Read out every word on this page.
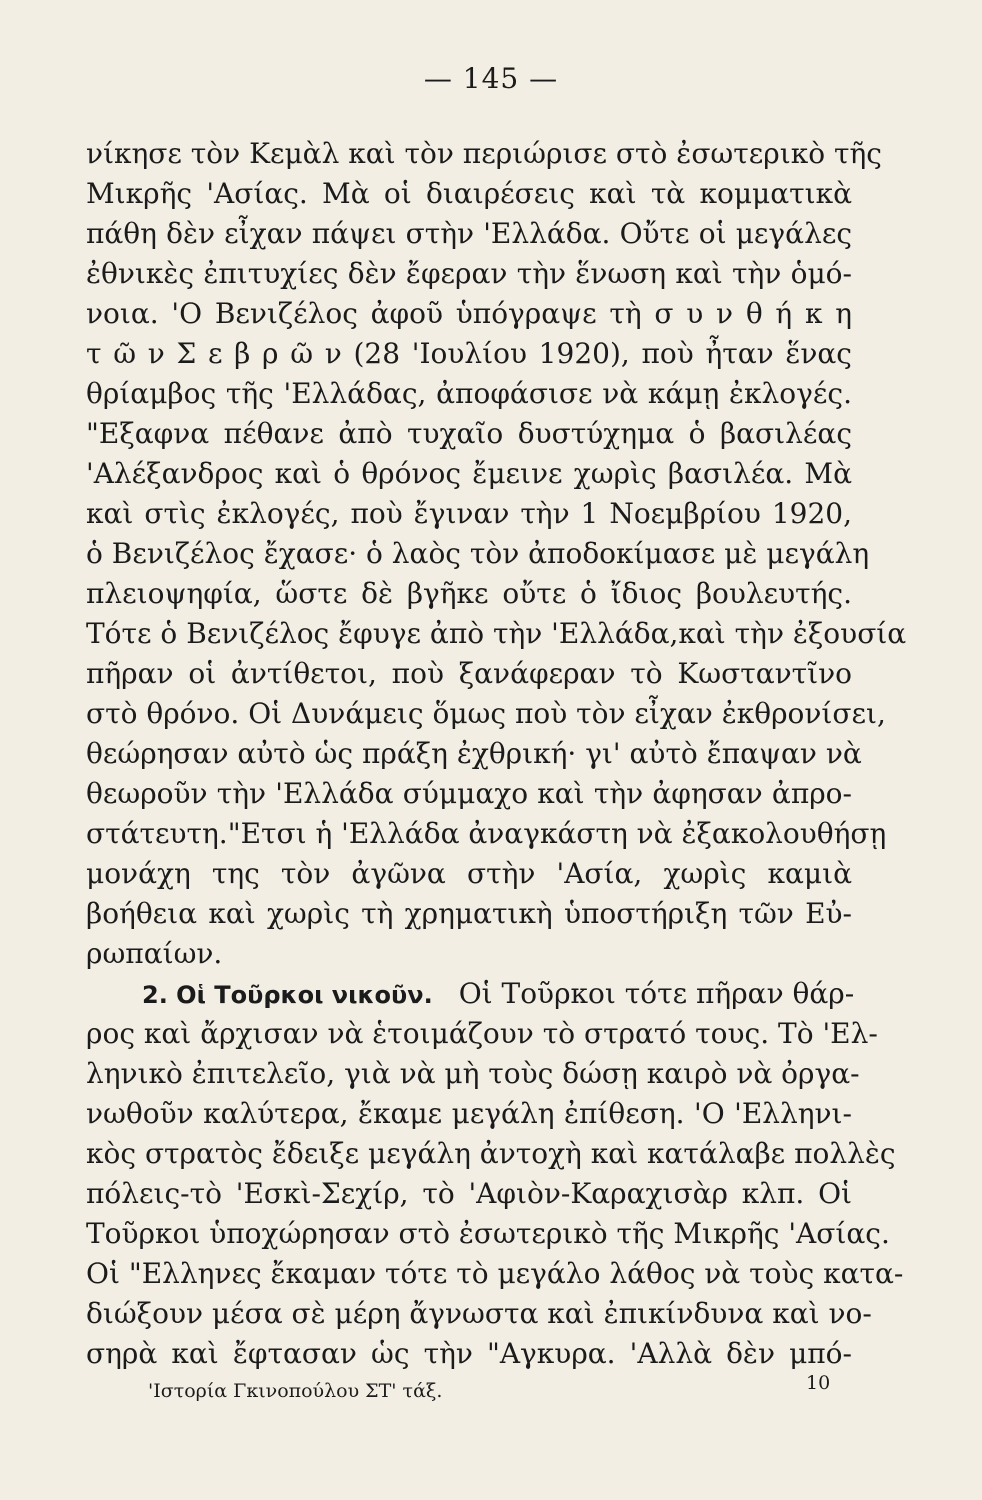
— 145 —
νίκησε τὸν Κεμὰλ καὶ τὸν περιώρισε στὸ ἐσωτερικὸ τῆς
Μικρῆς 'Ασίας. Μὰ οἱ διαιρέσεις καὶ τὰ κομματικὰ
πάθη δὲν εἶχαν πάψει στὴν 'Ελλάδα. Οὔτε οἱ μεγάλες
ἐθνικὲς ἐπιτυχίες δὲν ἔφεραν τὴν ἕνωση καὶ τὴν ὁμό-
νοια. 'Ο Βενιζέλος ἀφοῦ ὑπόγραψε τὴ σ υ ν θ ή κ η
τ ῶ ν Σ ε β ρ ῶ ν (28 'Ιουλίου 1920), ποὺ ἦταν ἕνας
θρίαμβος τῆς 'Ελλάδας, ἀποφάσισε νὰ κάμῃ ἐκλογές.
"Εξαφνα πέθανε ἀπὸ τυχαῖο δυστύχημα ὁ βασιλέας
'Αλέξανδρος καὶ ὁ θρόνος ἔμεινε χωρὶς βασιλέα. Μὰ
καὶ στὶς ἐκλογές, ποὺ ἔγιναν τὴν 1 Νοεμβρίου 1920,
ὁ Βενιζέλος ἔχασε· ὁ λαὸς τὸν ἀποδοκίμασε μὲ μεγάλη
πλειοψηφία, ὥστε δὲ βγῆκε οὔτε ὁ ἴδιος βουλευτής.
Τότε ὁ Βενιζέλος ἔφυγε ἀπὸ τὴν 'Ελλάδα,καὶ τὴν ἐξουσία
πῆραν οἱ ἀντίθετοι, ποὺ ξανάφεραν τὸ Κωσταντῖνο
στὸ θρόνο. Οἱ Δυνάμεις ὅμως ποὺ τὸν εἶχαν ἐκθρονίσει,
θεώρησαν αὐτὸ ὡς πράξη ἐχθρική· γι' αὐτὸ ἔπαψαν νὰ
θεωροῦν τὴν 'Ελλάδα σύμμαχο καὶ τὴν ἀφησαν ἀπρο-
στάτευτη."Ετσι ἡ 'Ελλάδα ἀναγκάστη νὰ ἐξακολουθήσῃ
μονάχη της τὸν ἀγῶνα στὴν 'Ασία, χωρὶς καμιὰ
βοήθεια καὶ χωρὶς τὴ χρηματικὴ ὑποστήριξη τῶν Εὐ-
ρωπαίων.
2. Οἱ Τοῦρκοι νικοῦν. Οἱ Τοῦρκοι τότε πῆραν θάρ-
ρος καὶ ἄρχισαν νὰ ἑτοιμάζουν τὸ στρατό τους. Τὸ 'Ελ-
ληνικὸ ἐπιτελεῖο, γιὰ νὰ μὴ τοὺς δώσῃ καιρὸ νὰ ὀργα-
νωθοῦν καλύτερα, ἔκαμε μεγάλη ἐπίθεση. 'Ο 'Ελληνι-
κὸς στρατὸς ἔδειξε μεγάλη ἀντοχὴ καὶ κατάλαβε πολλὲς
πόλεις-τὸ 'Εσκὶ-Σεχίρ, τὸ 'Αφιὸν-Καραχισὰρ κλπ. Οἱ
Τοῦρκοι ὑποχώρησαν στὸ ἐσωτερικὸ τῆς Μικρῆς 'Ασίας.
Οἱ "Ελληνες ἔκαμαν τότε τὸ μεγάλο λάθος νὰ τοὺς κατα-
διώξουν μέσα σὲ μέρη ἄγνωστα καὶ ἐπικίνδυνα καὶ νο-
σηρὰ καὶ ἔφτασαν ὡς τὴν "Αγκυρα. 'Αλλὰ δὲν μπό-
'Ιστορία Γκινοπούλου ΣΤ' τάξ.	10
